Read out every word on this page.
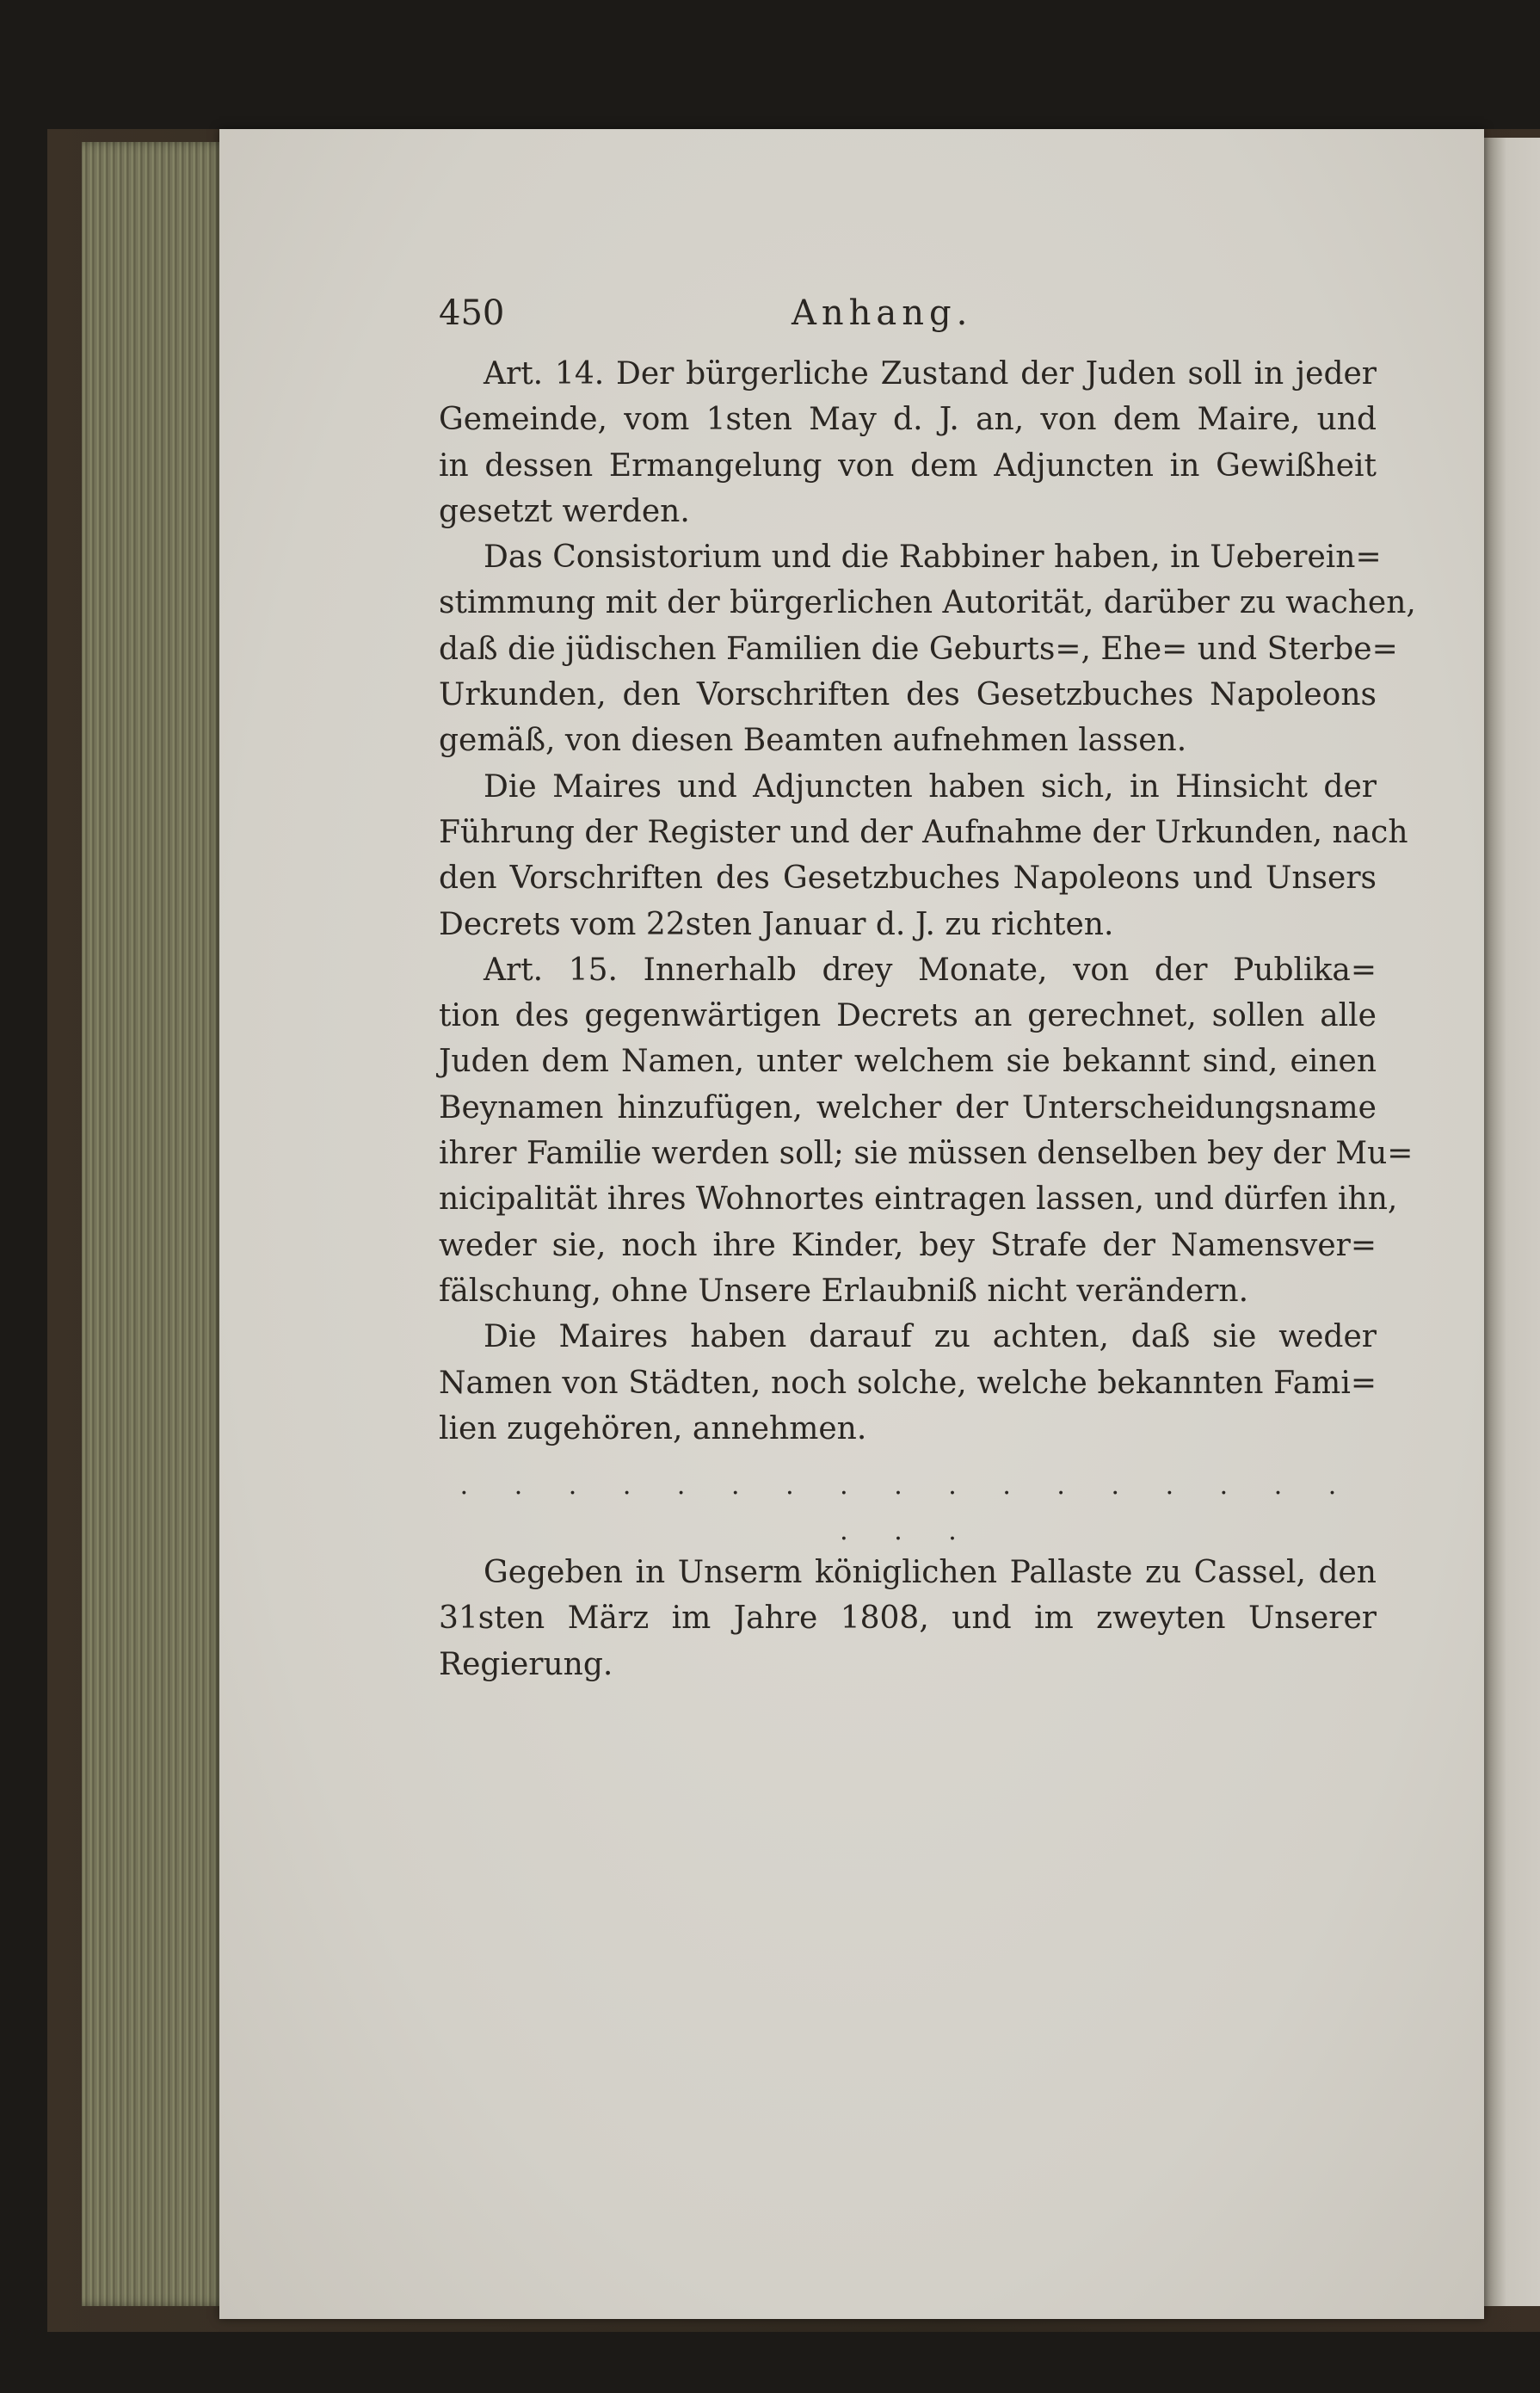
450	Anhang.
Art. 14. Der bürgerliche Zustand der Juden soll in jeder
Gemeinde, vom 1sten May d. J. an, von dem Maire, und
in dessen Ermangelung von dem Adjuncten in Gewißheit
gesetzt werden.
Das Consistorium und die Rabbiner haben, in Ueberein=
stimmung mit der bürgerlichen Autorität, darüber zu wachen,
daß die jüdischen Familien die Geburts=, Ehe= und Sterbe=
Urkunden, den Vorschriften des Gesetzbuches Napoleons
gemäß, von diesen Beamten aufnehmen lassen.
Die Maires und Adjuncten haben sich, in Hinsicht der
Führung der Register und der Aufnahme der Urkunden, nach
den Vorschriften des Gesetzbuches Napoleons und Unsers
Decrets vom 22sten Januar d. J. zu richten.
Art. 15. Innerhalb drey Monate, von der Publika=
tion des gegenwärtigen Decrets an gerechnet, sollen alle
Juden dem Namen, unter welchem sie bekannt sind, einen
Beynamen hinzufügen, welcher der Unterscheidungsname
ihrer Familie werden soll; sie müssen denselben bey der Mu=
nicipalität ihres Wohnortes eintragen lassen, und dürfen ihn,
weder sie, noch ihre Kinder, bey Strafe der Namensver=
fälschung, ohne Unsere Erlaubniß nicht verändern.
Die Maires haben darauf zu achten, daß sie weder
Namen von Städten, noch solche, welche bekannten Fami=
lien zugehören, annehmen.
· · · · · · · · · · · · · · · · · · · ·
Gegeben in Unserm königlichen Pallaste zu Cassel, den
31sten März im Jahre 1808, und im zweyten Unserer
Regierung.
